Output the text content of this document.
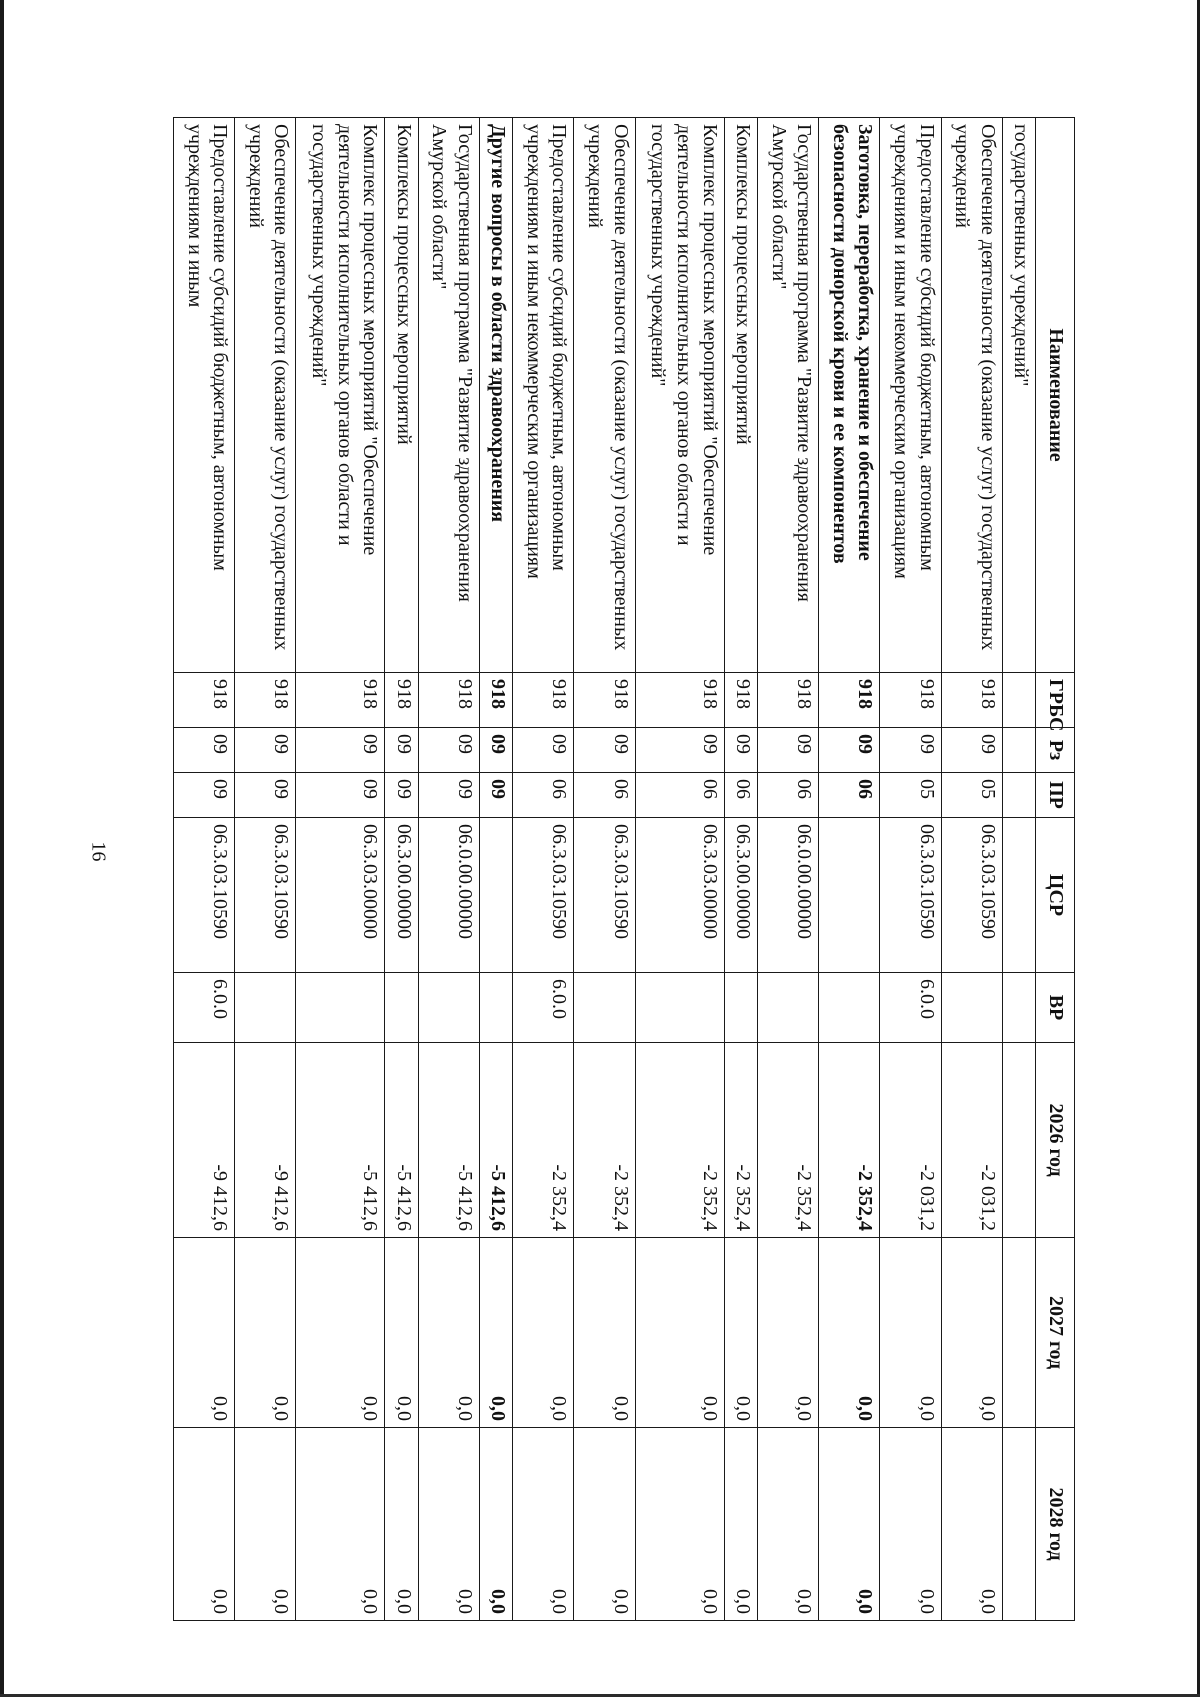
16
Наименование	ГРБС	Рз	ПР	ЦСР	ВР	2026 год	2027 год	2028 год
государственных учреждений"								
Обеспечение деятельности (оказание услуг) государственных учреждений	918	09	05	06.3.03.10590		-2 031,2	0,0	0,0
Предоставление субсидий бюджетным, автономным учреждениям и иным некоммерческим организациям	918	09	05	06.3.03.10590	6.0.0	-2 031,2	0,0	0,0
Заготовка, переработка, хранение и обеспечение безопасности донорской крови и ее компонентов	918	09	06			-2 352,4	0,0	0,0
Государственная программа "Развитие здравоохранения Амурской области"	918	09	06	06.0.00.00000		-2 352,4	0,0	0,0
Комплексы процессных мероприятий	918	09	06	06.3.00.00000		-2 352,4	0,0	0,0
Комплекс процессных мероприятий "Обеспечение деятельности исполнительных органов области и государственных учреждений"	918	09	06	06.3.03.00000		-2 352,4	0,0	0,0
Обеспечение деятельности (оказание услуг) государственных учреждений	918	09	06	06.3.03.10590		-2 352,4	0,0	0,0
Предоставление субсидий бюджетным, автономным учреждениям и иным некоммерческим организациям	918	09	06	06.3.03.10590	6.0.0	-2 352,4	0,0	0,0
Другие вопросы в области здравоохранения	918	09	09			-5 412,6	0,0	0,0
Государственная программа "Развитие здравоохранения Амурской области"	918	09	09	06.0.00.00000		-5 412,6	0,0	0,0
Комплексы процессных мероприятий	918	09	09	06.3.00.00000		-5 412,6	0,0	0,0
Комплекс процессных мероприятий "Обеспечение деятельности исполнительных органов области и государственных учреждений"	918	09	09	06.3.03.00000		-5 412,6	0,0	0,0
Обеспечение деятельности (оказание услуг) государственных учреждений	918	09	09	06.3.03.10590		-9 412,6	0,0	0,0
Предоставление субсидий бюджетным, автономным учреждениям и иным	918	09	09	06.3.03.10590	6.0.0	-9 412,6	0,0	0,0
